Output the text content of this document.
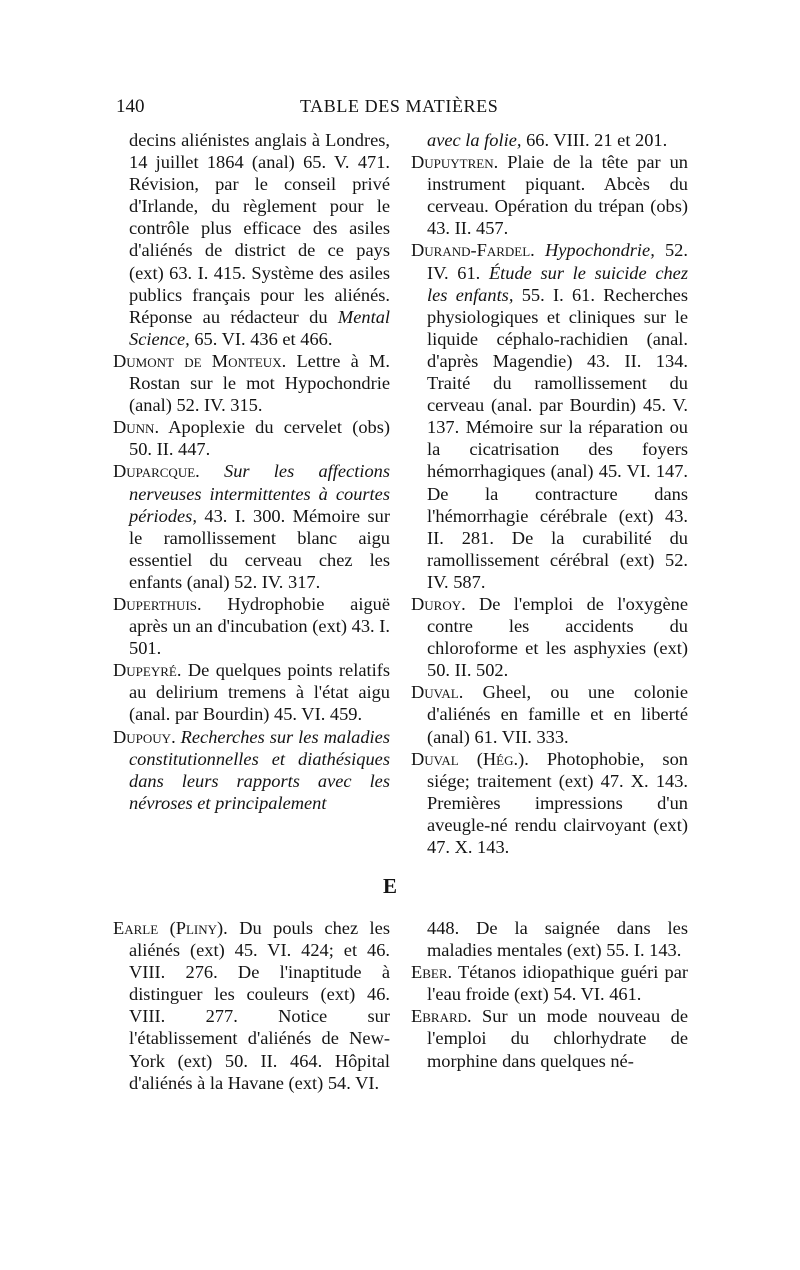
140	TABLE DES MATIÈRES
decins aliénistes anglais à Londres, 14 juillet 1864 (anal) 65. V. 471. Révision, par le conseil privé d'Irlande, du règlement pour le contrôle plus efficace des asiles d'aliénés de district de ce pays (ext) 63. I. 415. Système des asiles publics français pour les aliénés. Réponse au rédacteur du Mental Science, 65. VI. 436 et 466.
Dumont de Monteux. Lettre à M. Rostan sur le mot Hypochondrie (anal) 52. IV. 315.
Dunn. Apoplexie du cervelet (obs) 50. II. 447.
Duparcque. Sur les affections nerveuses intermittentes à courtes périodes, 43. I. 300. Mémoire sur le ramollissement blanc aigu essentiel du cerveau chez les enfants (anal) 52. IV. 317.
Duperthuis. Hydrophobie aiguë après un an d'incubation (ext) 43. I. 501.
Dupeyré. De quelques points relatifs au delirium tremens à l'état aigu (anal. par Bourdin) 45. VI. 459.
Dupouy. Recherches sur les maladies constitutionnelles et diathésiques dans leurs rapports avec les névroses et principalement
avec la folie, 66. VIII. 21 et 201.
Dupuytren. Plaie de la tête par un instrument piquant. Abcès du cerveau. Opération du trépan (obs) 43. II. 457.
Durand-Fardel. Hypochondrie, 52. IV. 61. Étude sur le suicide chez les enfants, 55. I. 61. Recherches physiologiques et cliniques sur le liquide céphalo-rachidien (anal. d'après Magendie) 43. II. 134. Traité du ramollissement du cerveau (anal. par Bourdin) 45. V. 137. Mémoire sur la réparation ou la cicatrisation des foyers hémorrhagiques (anal) 45. VI. 147. De la contracture dans l'hémorrhagie cérébrale (ext) 43. II. 281. De la curabilité du ramollissement cérébral (ext) 52. IV. 587.
Duroy. De l'emploi de l'oxygène contre les accidents du chloroforme et les asphyxies (ext) 50. II. 502.
Duval. Gheel, ou une colonie d'aliénés en famille et en liberté (anal) 61. VII. 333.
Duval (Hég.). Photophobie, son siége; traitement (ext) 47. X. 143. Premières impressions d'un aveugle-né rendu clairvoyant (ext) 47. X. 143.
E
Earle (Pliny). Du pouls chez les aliénés (ext) 45. VI. 424; et 46. VIII. 276. De l'inaptitude à distinguer les couleurs (ext) 46. VIII. 277. Notice sur l'établissement d'aliénés de New-York (ext) 50. II. 464. Hôpital d'aliénés à la Havane (ext) 54. VI.
448. De la saignée dans les maladies mentales (ext) 55. I. 143.
Eber. Tétanos idiopathique guéri par l'eau froide (ext) 54. VI. 461.
Ebrard. Sur un mode nouveau de l'emploi du chlorhydrate de morphine dans quelques né-
